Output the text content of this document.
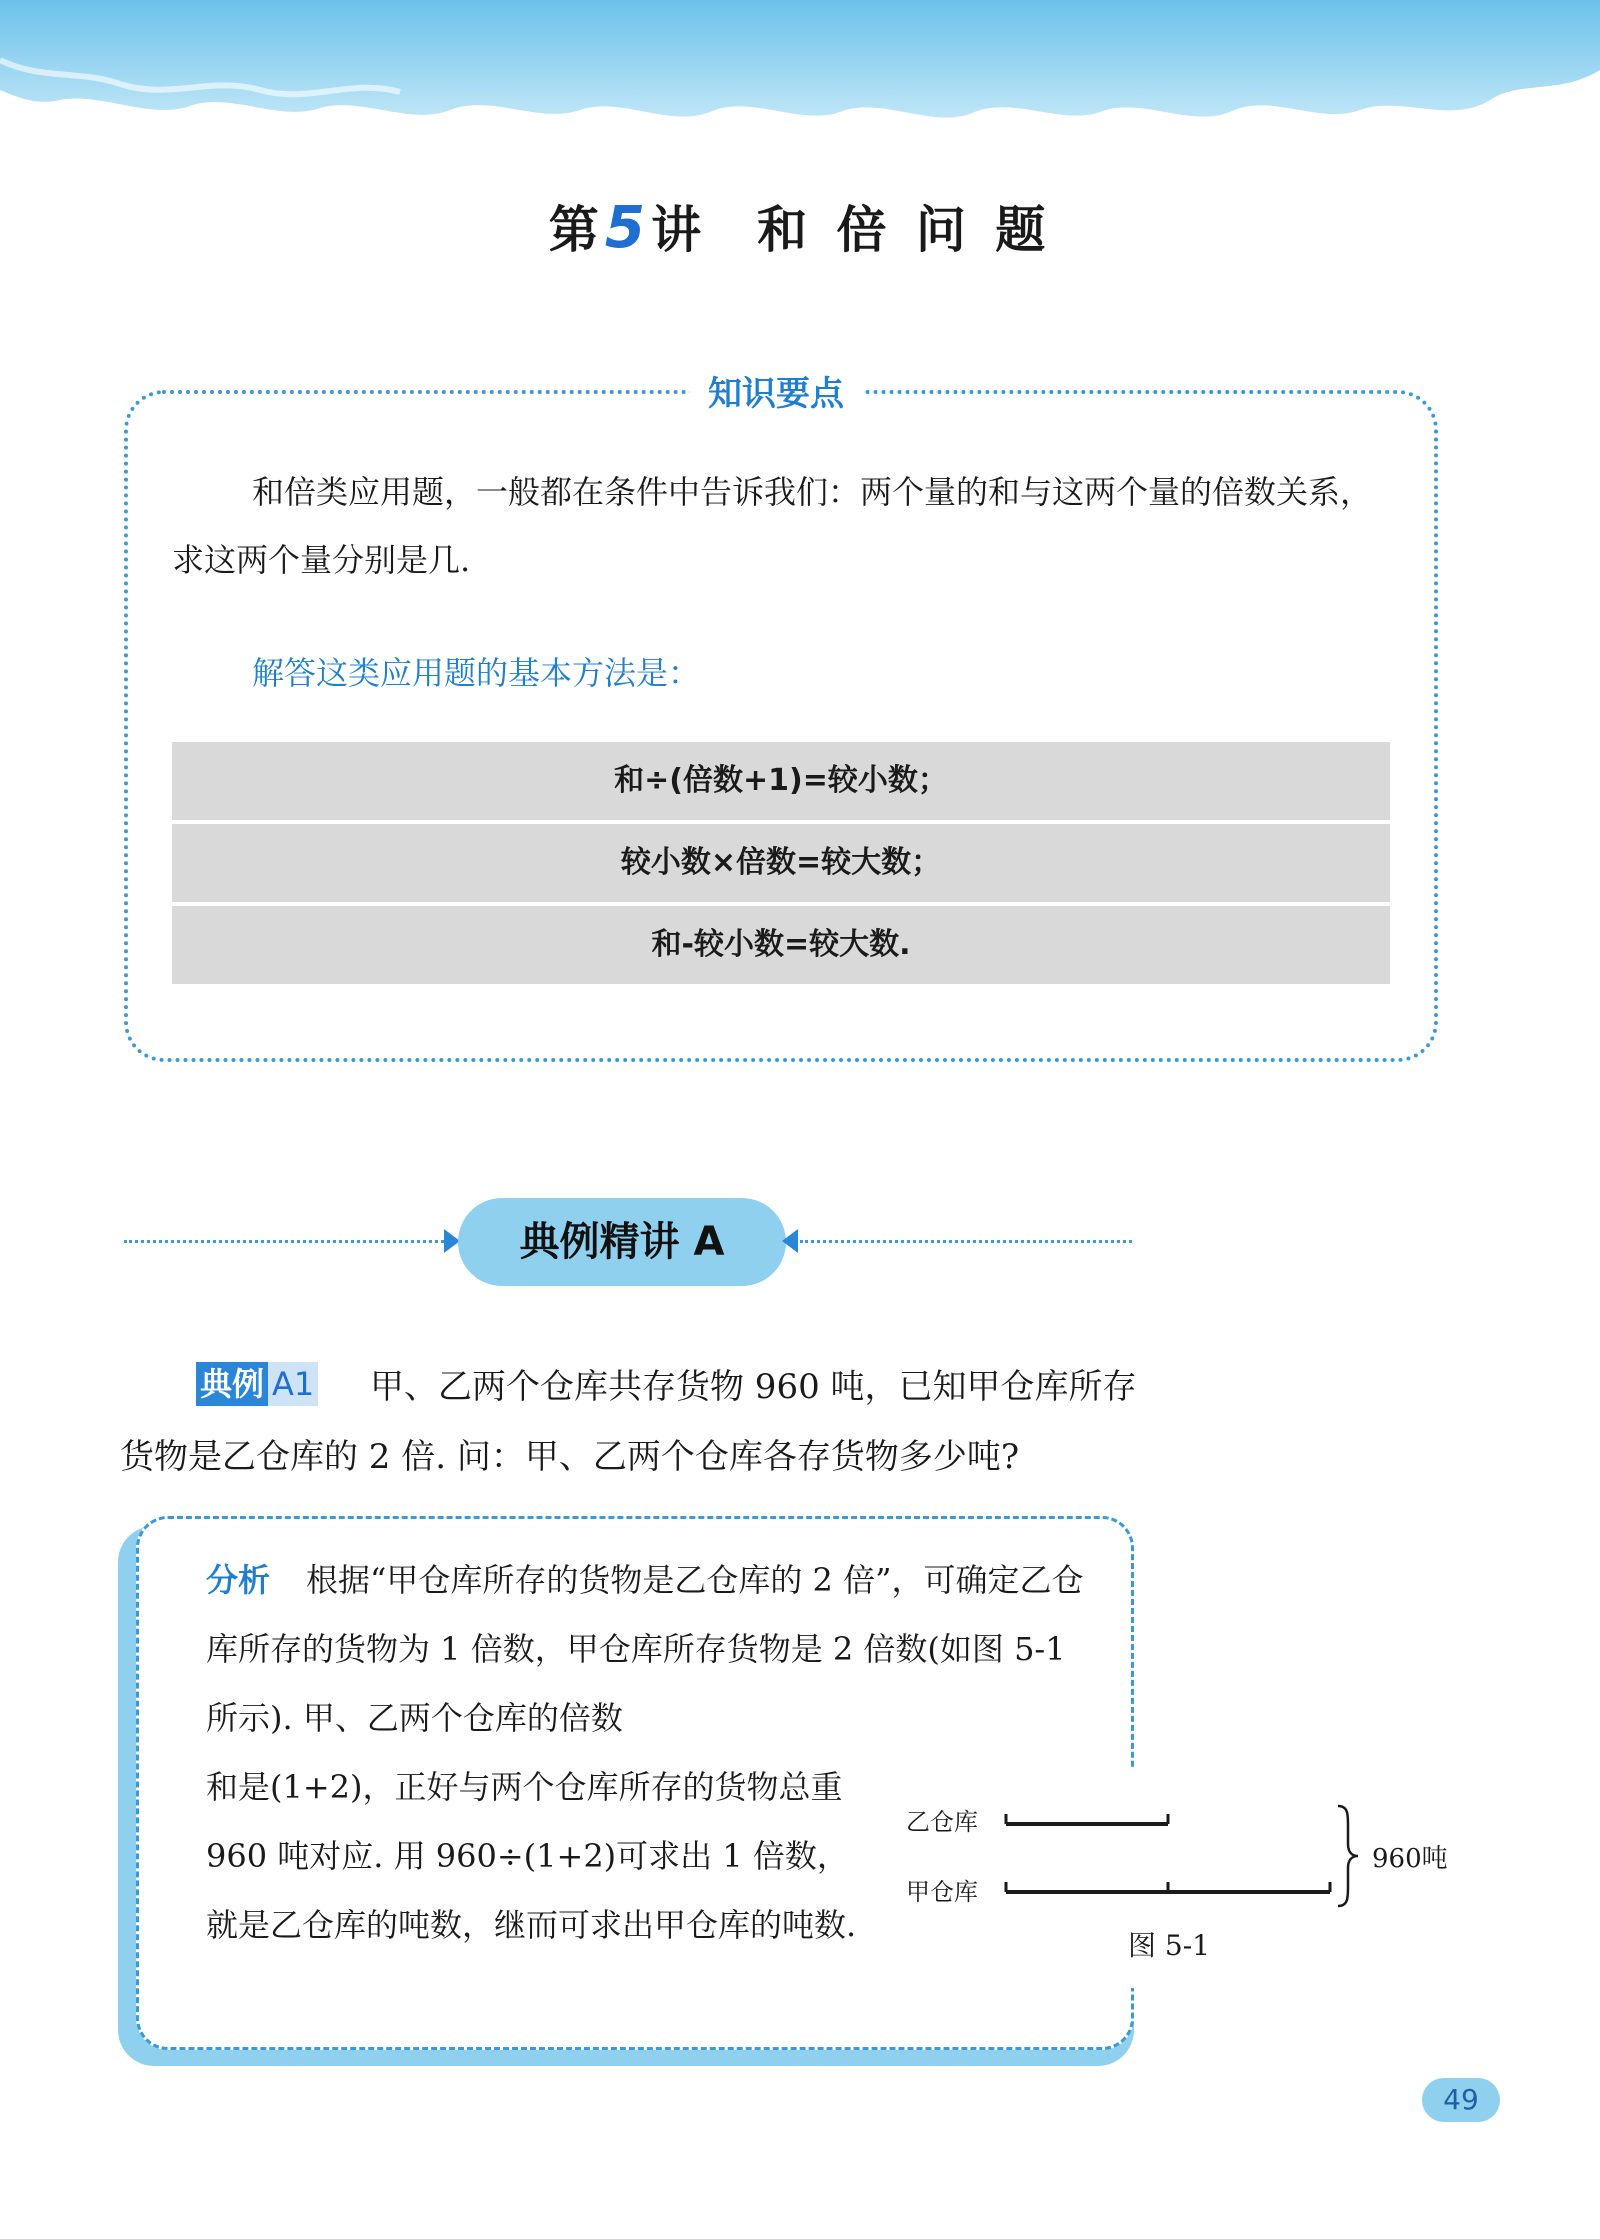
第5讲 和 倍 问 题
知识要点
和倍类应用题，一般都在条件中告诉我们：两个量的和与这两个量的倍数关系，求这两个量分别是几.
解答这类应用题的基本方法是：
和÷(倍数+1)=较小数；
较小数×倍数=较大数；
和-较小数=较大数.
典例精讲 A
甲、乙两个仓库共存货物 960 吨，已知甲仓库所存货物是乙仓库的 2 倍. 问：甲、乙两个仓库各存货物多少吨?
典例 A1
分析 根据“甲仓库所存的货物是乙仓库的 2 倍”，可确定乙仓库所存的货物为 1 倍数，甲仓库所存货物是 2 倍数(如图 5-1 所示). 甲、乙两个仓库的倍数
和是(1+2)，正好与两个仓库所存的货物总重 960 吨对应. 用 960÷(1+2)可求出 1 倍数，就是乙仓库的吨数，继而可求出甲仓库的吨数.
乙仓库
甲仓库
960吨
图 5-1
49
